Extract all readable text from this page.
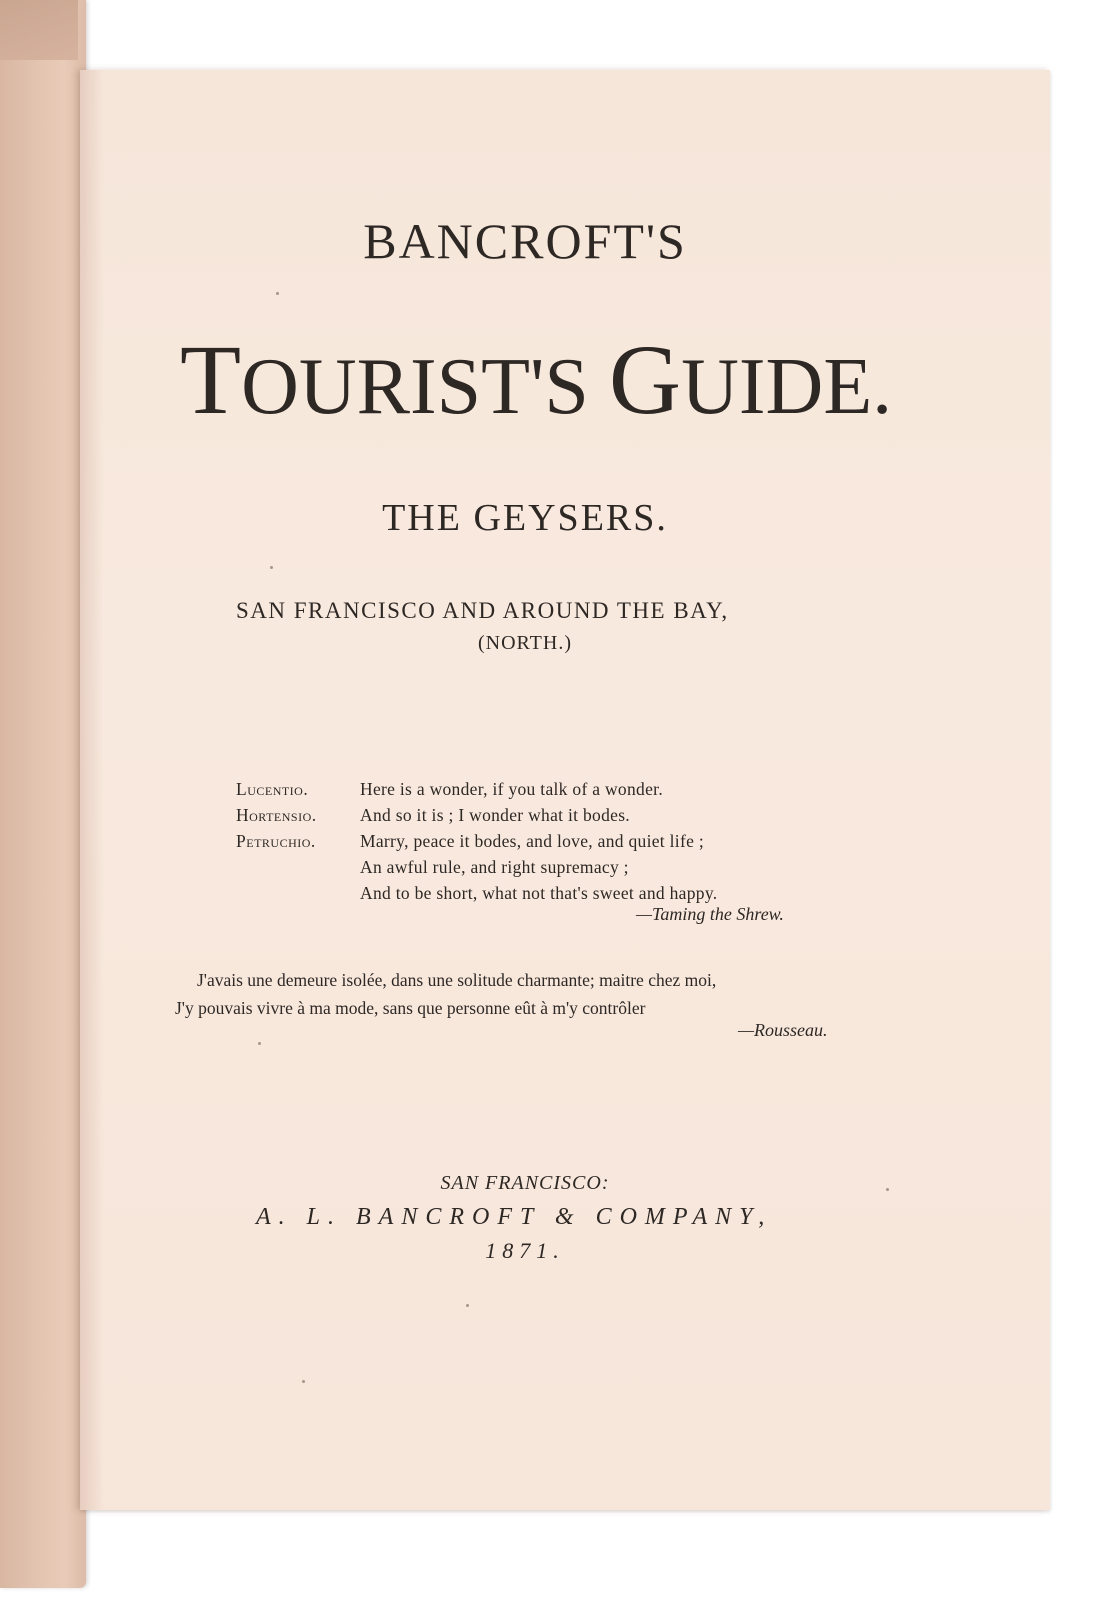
BANCROFT'S
TOURIST'S GUIDE.
THE GEYSERS.
SAN FRANCISCO AND AROUND THE BAY,
(NORTH.)
Lucentio.	Here is a wonder, if you talk of a wonder.
Hortensio.	And so it is ; I wonder what it bodes.
Petruchio.	Marry, peace it bodes, and love, and quiet life ;
An awful rule, and right supremacy ;
And to be short, what not that's sweet and happy.
—Taming the Shrew.
J'avais une demeure isolée, dans une solitude charmante; maitre chez moi,
J'y pouvais vivre à ma mode, sans que personne eût à m'y contrôler
—Rousseau.
SAN FRANCISCO:
A. L. BANCROFT & COMPANY,
1871.
